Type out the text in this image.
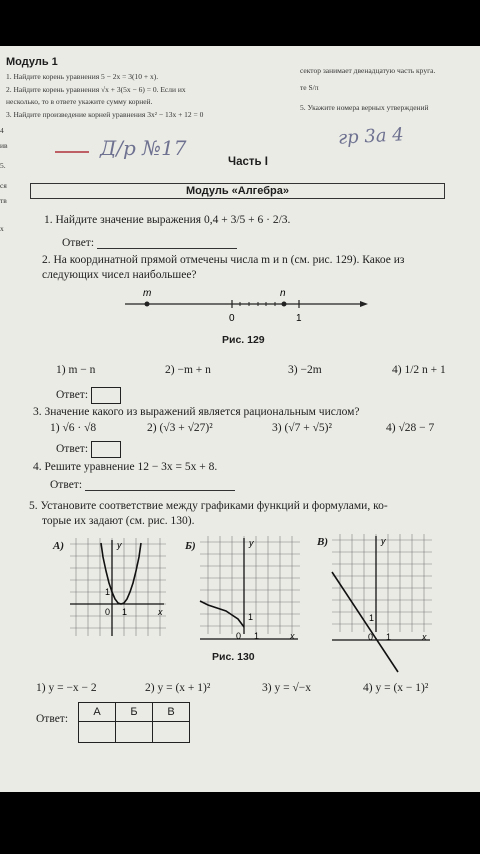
Модуль 1
1. Найдите корень уравнения 5 − 2x = 3(10 + x).
2. Найдите корень уравнения √x + 3(5x − 6) = 0. Если их
несколько, то в ответе укажите сумму корней.
3. Найдите произведение корней уравнения 3x² − 13x + 12 = 0
сектор занимает двенадцатую часть круга.
те S/π
5. Укажите номера верных утверждений
4
ив
5.
ся
тв
х
Д/р №17	гр 3а 4
Часть I
Модуль «Алгебра»
1. Найдите значение выражения 0,4 + 3/5 + 6 · 2/3.
Ответ:
2. На координатной прямой отмечены числа m и n (см. рис. 129). Какое из
следующих чисел наибольшее?
m	n
0	1
Рис. 129
1) m − n	2) −m + n	3) −2m	4) 1/2 n + 1
Ответ:
3. Значение какого из выражений является рациональным числом?
1) √6 · √8	2) (√3 + √27)²	3) (√7 + √5)²	4) √28 − 7
Ответ:
4. Решите уравнение 12 − 3x = 5x + 8.
Ответ:
5. Установите соответствие между графиками функций и формулами, ко-
торые их задают (см. рис. 130).
А)	y
x
0 1
1
Б)	y
x
0 1
1
В)	y
x
0 1
1
Рис. 130
1) y = −x − 2	2) y = (x + 1)²	3) y = √−x	4) y = (x − 1)²
Ответ:
А	Б	В
